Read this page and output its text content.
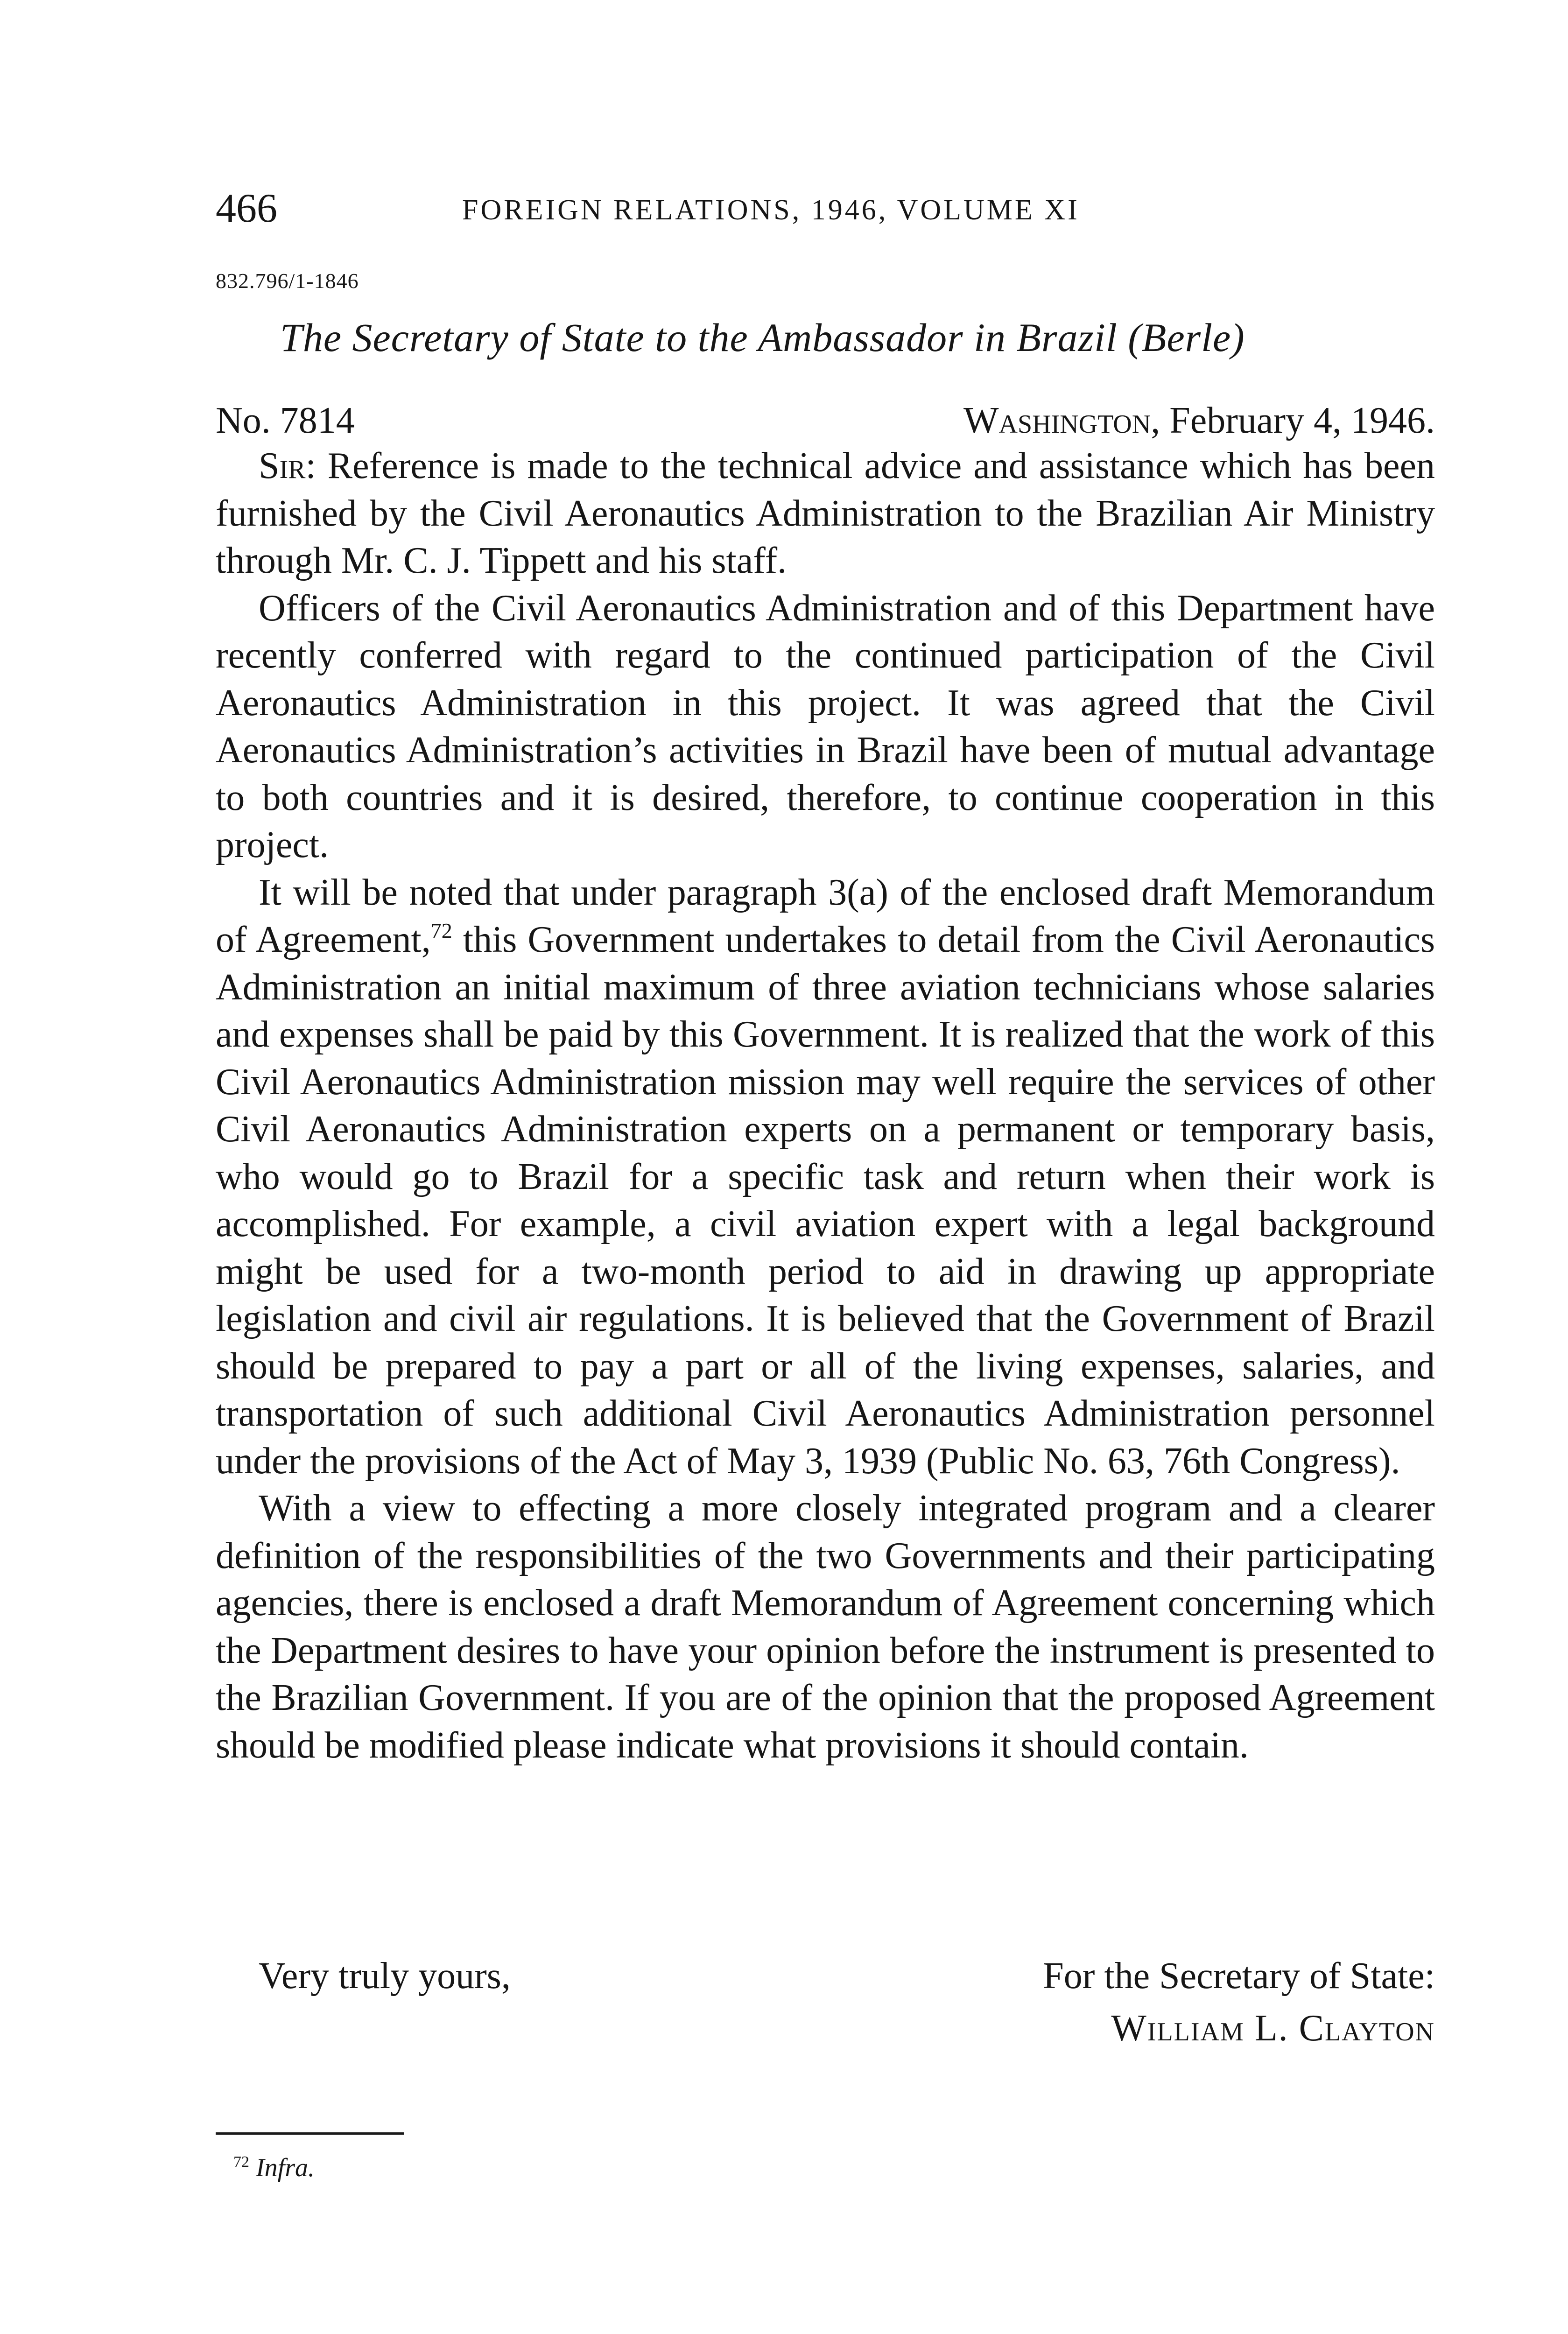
466	FOREIGN RELATIONS, 1946, VOLUME XI
832.796/1-1846
The Secretary of State to the Ambassador in Brazil (Berle)
No. 7814	Washington, February 4, 1946.

Sir: Reference is made to the technical advice and assistance which has been furnished by the Civil Aeronautics Administration to the Brazilian Air Ministry through Mr. C. J. Tippett and his staff.

Officers of the Civil Aeronautics Administration and of this Department have recently conferred with regard to the continued participation of the Civil Aeronautics Administration in this project. It was agreed that the Civil Aeronautics Administration’s activities in Brazil have been of mutual advantage to both countries and it is desired, therefore, to continue cooperation in this project.

It will be noted that under paragraph 3(a) of the enclosed draft Memorandum of Agreement,$^{72}$ this Government undertakes to detail from the Civil Aeronautics Administration an initial maximum of three aviation technicians whose salaries and expenses shall be paid by this Government. It is realized that the work of this Civil Aeronautics Administration mission may well require the services of other Civil Aeronautics Administration experts on a permanent or temporary basis, who would go to Brazil for a specific task and return when their work is accomplished. For example, a civil aviation expert with a legal background might be used for a two-month period to aid in drawing up appropriate legislation and civil air regulations. It is believed that the Government of Brazil should be prepared to pay a part or all of the living expenses, salaries, and transportation of such additional Civil Aeronautics Administration personnel under the provisions of the Act of May 3, 1939 (Public No. 63, 76th Congress).

With a view to effecting a more closely integrated program and a clearer definition of the responsibilities of the two Governments and their participating agencies, there is enclosed a draft Memorandum of Agreement concerning which the Department desires to have your opinion before the instrument is presented to the Brazilian Government. If you are of the opinion that the proposed Agreement should be modified please indicate what provisions it should contain.

Very truly yours,	For the Secretary of State:
William L. Clayton
$^{72}$ Infra.
